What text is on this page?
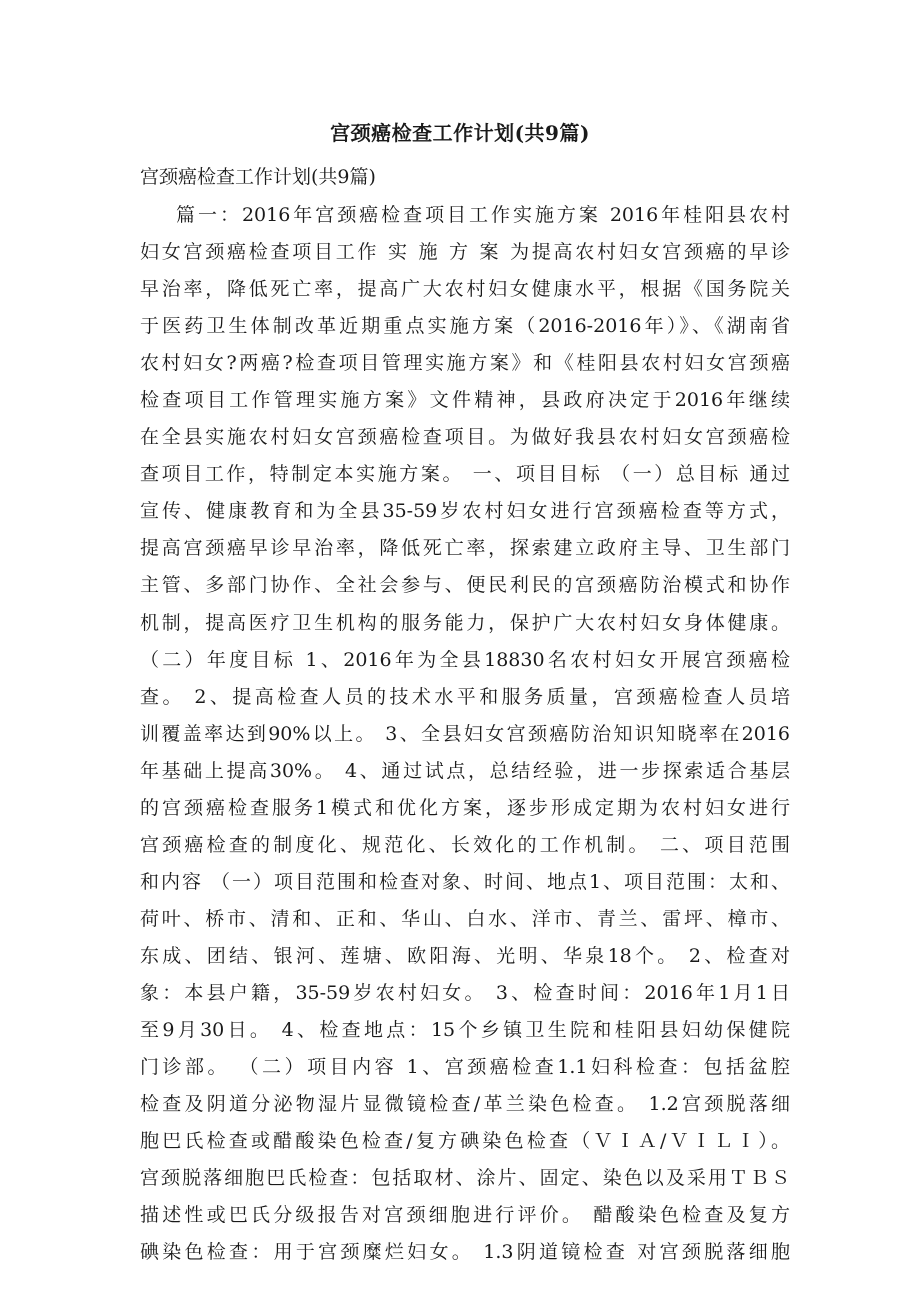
宫颈癌检查工作计划(共9篇)
宫颈癌检查工作计划(共9篇)
篇一：2016年宫颈癌检查项目工作实施方案 2016年桂阳县农村
妇女宫颈癌检查项目工作 实 施 方 案 为提高农村妇女宫颈癌的早诊
早治率，降低死亡率，提高广大农村妇女健康水平，根据《国务院关
于医药卫生体制改革近期重点实施方案（2016-2016年）》、《湖南省
农村妇女?两癌?检查项目管理实施方案》和《桂阳县农村妇女宫颈癌
检查项目工作管理实施方案》文件精神，县政府决定于2016年继续
在全县实施农村妇女宫颈癌检查项目。为做好我县农村妇女宫颈癌检
查项目工作，特制定本实施方案。 一、项目目标 （一）总目标 通过
宣传、健康教育和为全县35-59岁农村妇女进行宫颈癌检查等方式，
提高宫颈癌早诊早治率，降低死亡率，探索建立政府主导、卫生部门
主管、多部门协作、全社会参与、便民利民的宫颈癌防治模式和协作
机制，提高医疗卫生机构的服务能力，保护广大农村妇女身体健康。
（二）年度目标 1、2016年为全县18830名农村妇女开展宫颈癌检
查。 2、提高检查人员的技术水平和服务质量，宫颈癌检查人员培
训覆盖率达到90%以上。 3、全县妇女宫颈癌防治知识知晓率在2016
年基础上提高30%。 4、通过试点，总结经验，进一步探索适合基层
的宫颈癌检查服务1模式和优化方案，逐步形成定期为农村妇女进行
宫颈癌检查的制度化、规范化、长效化的工作机制。 二、项目范围
和内容 （一）项目范围和检查对象、时间、地点1、项目范围：太和、
荷叶、桥市、清和、正和、华山、白水、洋市、青兰、雷坪、樟市、
东成、团结、银河、莲塘、欧阳海、光明、华泉18个。 2、检查对
象：本县户籍，35-59岁农村妇女。 3、检查时间：2016年1月1日
至9月30日。 4、检查地点：15个乡镇卫生院和桂阳县妇幼保健院
门诊部。 （二）项目内容 1、宫颈癌检查1.1妇科检查：包括盆腔
检查及阴道分泌物湿片显微镜检查/革兰染色检查。 1.2宫颈脱落细
胞巴氏检查或醋酸染色检查/复方碘染色检查（ＶＩＡ/ＶＩＬＩ）。
宫颈脱落细胞巴氏检查：包括取材、涂片、固定、染色以及采用ＴＢＳ
描述性或巴氏分级报告对宫颈细胞进行评价。 醋酸染色检查及复方
碘染色检查：用于宫颈糜烂妇女。 1.3阴道镜检查 对宫颈脱落细胞
